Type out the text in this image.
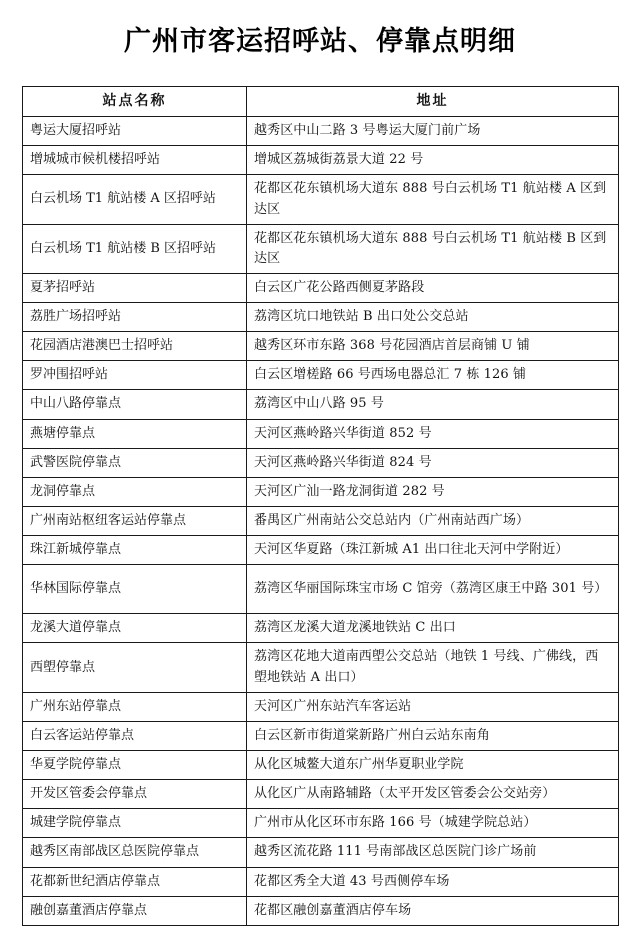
广州市客运招呼站、停靠点明细
站点名称	地址
粤运大厦招呼站	越秀区中山二路 3 号粤运大厦门前广场
增城城市候机楼招呼站	增城区荔城街荔景大道 22 号
白云机场 T1 航站楼 A 区招呼站	花都区花东镇机场大道东 888 号白云机场 T1 航站楼 A 区到达区
白云机场 T1 航站楼 B 区招呼站	花都区花东镇机场大道东 888 号白云机场 T1 航站楼 B 区到达区
夏茅招呼站	白云区广花公路西侧夏茅路段
荔胜广场招呼站	荔湾区坑口地铁站 B 出口处公交总站
花园酒店港澳巴士招呼站	越秀区环市东路 368 号花园酒店首层商铺 U 铺
罗冲围招呼站	白云区增槎路 66 号西场电器总汇 7 栋 126 铺
中山八路停靠点	荔湾区中山八路 95 号
燕塘停靠点	天河区燕岭路兴华街道 852 号
武警医院停靠点	天河区燕岭路兴华街道 824 号
龙洞停靠点	天河区广汕一路龙洞街道 282 号
广州南站枢纽客运站停靠点	番禺区广州南站公交总站内（广州南站西广场）
珠江新城停靠点	天河区华夏路（珠江新城 A1 出口往北天河中学附近）
华林国际停靠点	荔湾区华丽国际珠宝市场 C 馆旁（荔湾区康王中路 301 号）
龙溪大道停靠点	荔湾区龙溪大道龙溪地铁站 C 出口
西塱停靠点	荔湾区花地大道南西塱公交总站（地铁 1 号线、广佛线，西塱地铁站 A 出口）
广州东站停靠点	天河区广州东站汽车客运站
白云客运站停靠点	白云区新市街道棠新路广州白云站东南角
华夏学院停靠点	从化区城鳌大道东广州华夏职业学院
开发区管委会停靠点	从化区广从南路辅路（太平开发区管委会公交站旁）
城建学院停靠点	广州市从化区环市东路 166 号（城建学院总站）
越秀区南部战区总医院停靠点	越秀区流花路 111 号南部战区总医院门诊广场前
花都新世纪酒店停靠点	花都区秀全大道 43 号西侧停车场
融创嘉董酒店停靠点	花都区融创嘉董酒店停车场
